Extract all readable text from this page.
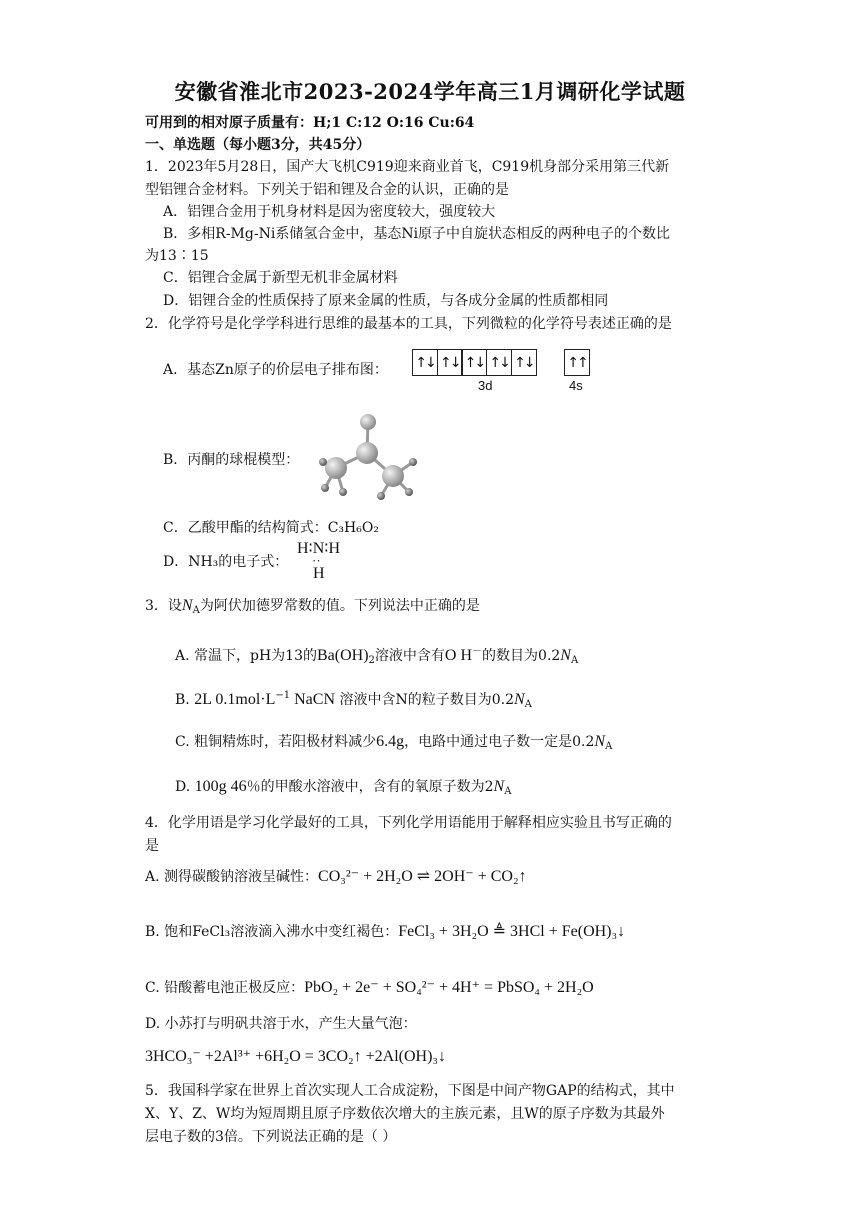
安徽省淮北市2023-2024学年高三1月调研化学试题
可用到的相对原子质量有：H;1 C:12 O:16 Cu:64
一、单选题（每小题3分，共45分）
1．2023年5月28日，国产大飞机C919迎来商业首飞，C919机身部分采用第三代新
型铝锂合金材料。下列关于铝和锂及合金的认识，正确的是
A．铝锂合金用于机身材料是因为密度较大，强度较大
B．多相R-Mg-Ni系储氢合金中，基态Ni原子中自旋状态相反的两种电子的个数比
为13∶15
C．铝锂合金属于新型无机非金属材料
D．铝锂合金的性质保持了原来金属的性质，与各成分金属的性质都相同
2．化学符号是化学学科进行思维的最基本的工具，下列微粒的化学符号表述正确的是
A．基态Zn原子的价层电子排布图： ↑↓ ↑↓ ↑↓ ↑↓ ↑↓ ↑↑
3d	4s
B．丙酮的球棍模型：
C．乙酸甲酯的结构简式：C₃H₆O₂
D．NH₃的电子式：
H∶N∶H
··
H
3．设$N_A$为阿伏加德罗常数的值。下列说法中正确的是
A. 常温下，pH为13的$Ba(OH)_2$溶液中含有O H－的数目为$0.2N_A$
B. 2L $0.1mol\cdot L^{-1}$ NaCN 溶液中含N的粒子数目为$0.2N_A$
C. 粗铜精炼时，若阳极材料减少6.4g，电路中通过电子数一定是$0.2N_A$
D. 100g 46％的甲酸水溶液中，含有的氧原子数为$2N_A$
4．化学用语是学习化学最好的工具，下列化学用语能用于解释相应实验且书写正确的
是
A. 测得碳酸钠溶液呈碱性：CO₃²⁻ + 2H₂O ⇌ 2OH⁻ + CO₂↑
B. 饱和FeCl₃溶液滴入沸水中变红褐色：FeCl₃ + 3H₂O ≜ 3HCl + Fe(OH)₃↓
C. 铅酸蓄电池正极反应：PbO₂ + 2e⁻ + SO₄²⁻ + 4H⁺ = PbSO₄ + 2H₂O
D. 小苏打与明矾共溶于水，产生大量气泡：
3HCO₃⁻ +2Al³⁺ +6H₂O = 3CO₂↑ +2Al(OH)₃↓
5．我国科学家在世界上首次实现人工合成淀粉，下图是中间产物GAP的结构式，其中
X、Y、Z、W均为短周期且原子序数依次增大的主族元素，且W的原子序数为其最外
层电子数的3倍。下列说法正确的是（ ）
